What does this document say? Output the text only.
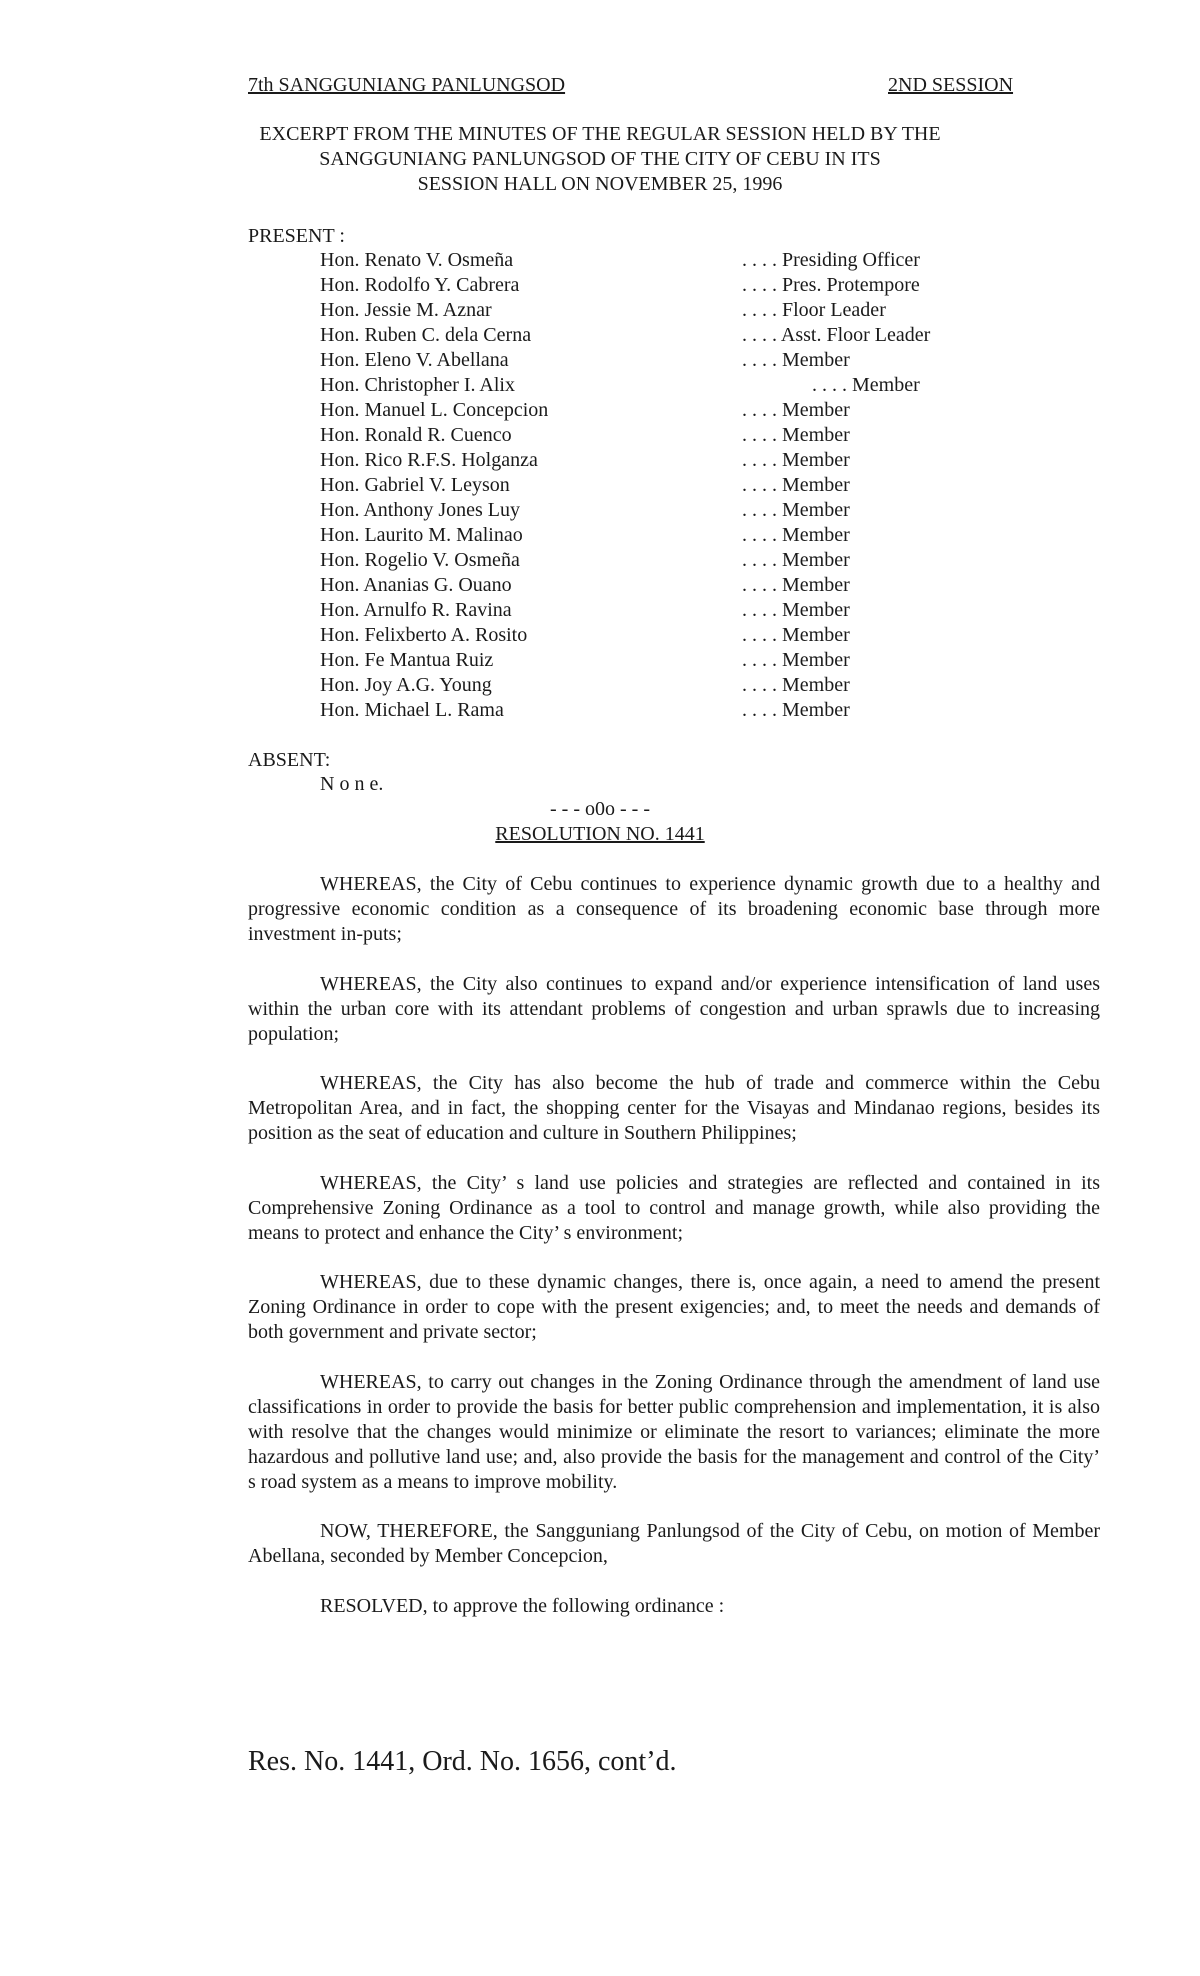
7th SANGGUNIANG PANLUNGSOD	2ND SESSION
EXCERPT FROM THE MINUTES OF THE REGULAR SESSION HELD BY THE
SANGGUNIANG PANLUNGSOD OF THE CITY OF CEBU IN ITS
SESSION HALL ON NOVEMBER 25, 1996
PRESENT :
Hon. Renato V. Osmeña	. . . . Presiding Officer
Hon. Rodolfo Y. Cabrera	. . . . Pres. Protempore
Hon. Jessie M. Aznar	. . . . Floor Leader
Hon. Ruben C. dela Cerna	. . . . Asst. Floor Leader
Hon. Eleno V. Abellana	. . . . Member
Hon. Christopher I. Alix	. . . . Member
Hon. Manuel L. Concepcion	. . . . Member
Hon. Ronald R. Cuenco	. . . . Member
Hon. Rico R.F.S. Holganza	. . . . Member
Hon. Gabriel V. Leyson	. . . . Member
Hon. Anthony Jones Luy	. . . . Member
Hon. Laurito M. Malinao	. . . . Member
Hon. Rogelio V. Osmeña	. . . . Member
Hon. Ananias G. Ouano	. . . . Member
Hon. Arnulfo R. Ravina	. . . . Member
Hon. Felixberto A. Rosito	. . . . Member
Hon. Fe Mantua Ruiz	. . . . Member
Hon. Joy A.G. Young	. . . . Member
Hon. Michael L. Rama	. . . . Member
ABSENT:
N o n e.
- - - o0o - - -
RESOLUTION NO. 1441

WHEREAS, the City of Cebu continues to experience dynamic growth due to a healthy and progressive economic condition as a consequence of its broadening economic base through more investment in-puts;

WHEREAS, the City also continues to expand and/or experience intensification of land uses within the urban core with its attendant problems of congestion and urban sprawls due to increasing population;

WHEREAS, the City has also become the hub of trade and commerce within the Cebu Metropolitan Area, and in fact, the shopping center for the Visayas and Mindanao regions, besides its position as the seat of education and culture in Southern Philippines;

WHEREAS, the City’ s land use policies and strategies are reflected and contained in its Comprehensive Zoning Ordinance as a tool to control and manage growth, while also providing the means to protect and enhance the City’ s environment;

WHEREAS, due to these dynamic changes, there is, once again, a need to amend the present Zoning Ordinance in order to cope with the present exigencies; and, to meet the needs and demands of both government and private sector;

WHEREAS, to carry out changes in the Zoning Ordinance through the amendment of land use classifications in order to provide the basis for better public comprehension and implementation, it is also with resolve that the changes would minimize or eliminate the resort to variances; eliminate the more hazardous and pollutive land use; and, also provide the basis for the management and control of the City’ s road system as a means to improve mobility.

NOW, THEREFORE, the Sangguniang Panlungsod of the City of Cebu, on motion of Member Abellana, seconded by Member Concepcion,

RESOLVED, to approve the following ordinance :

Res. No. 1441, Ord. No. 1656, cont’d.
